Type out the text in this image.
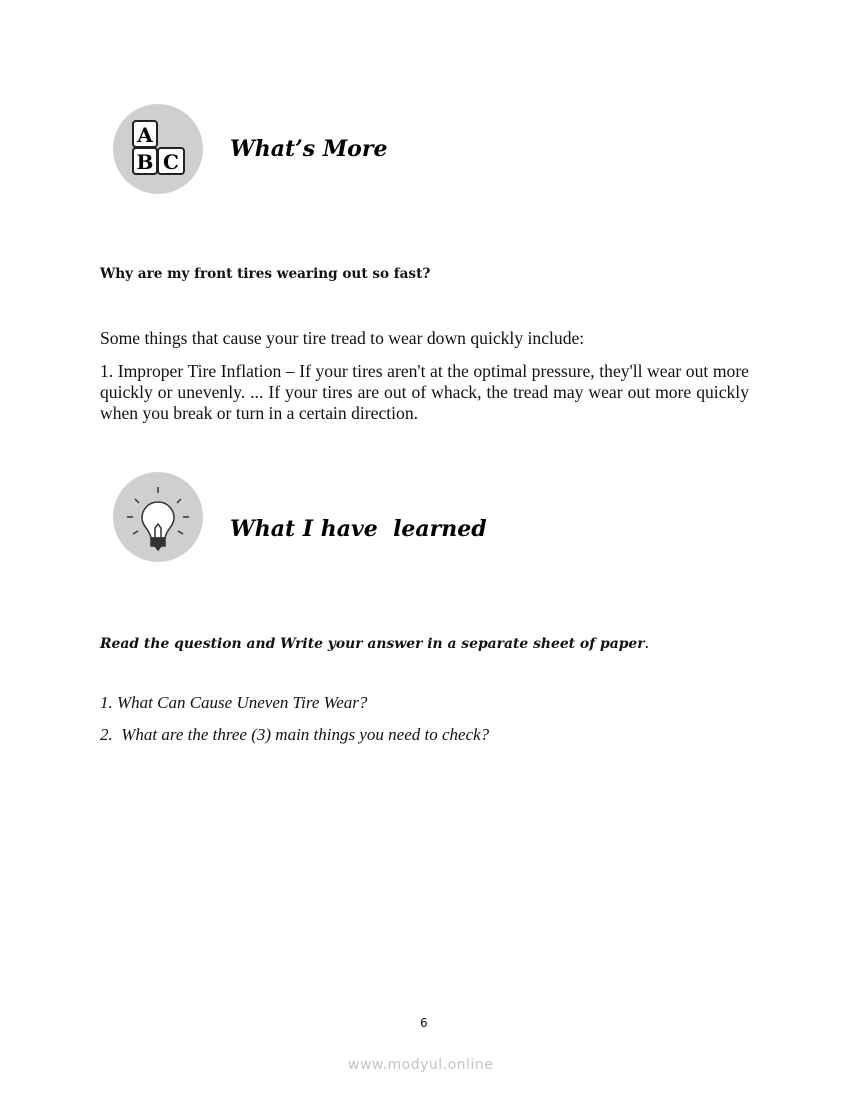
A
B C What’s More
Why are my front tires wearing out so fast?
Some things that cause your tire tread to wear down quickly include:
1. Improper Tire Inflation – If your tires aren't at the optimal pressure, they'll wear out more quickly or unevenly. ... If your tires are out of whack, the tread may wear out more quickly when you break or turn in a certain direction.
What I have  learned
Read the question and Write your answer in a separate sheet of paper.
1. What Can Cause Uneven Tire Wear?
2.  What are the three (3) main things you need to check?
6
www.modyul.online
